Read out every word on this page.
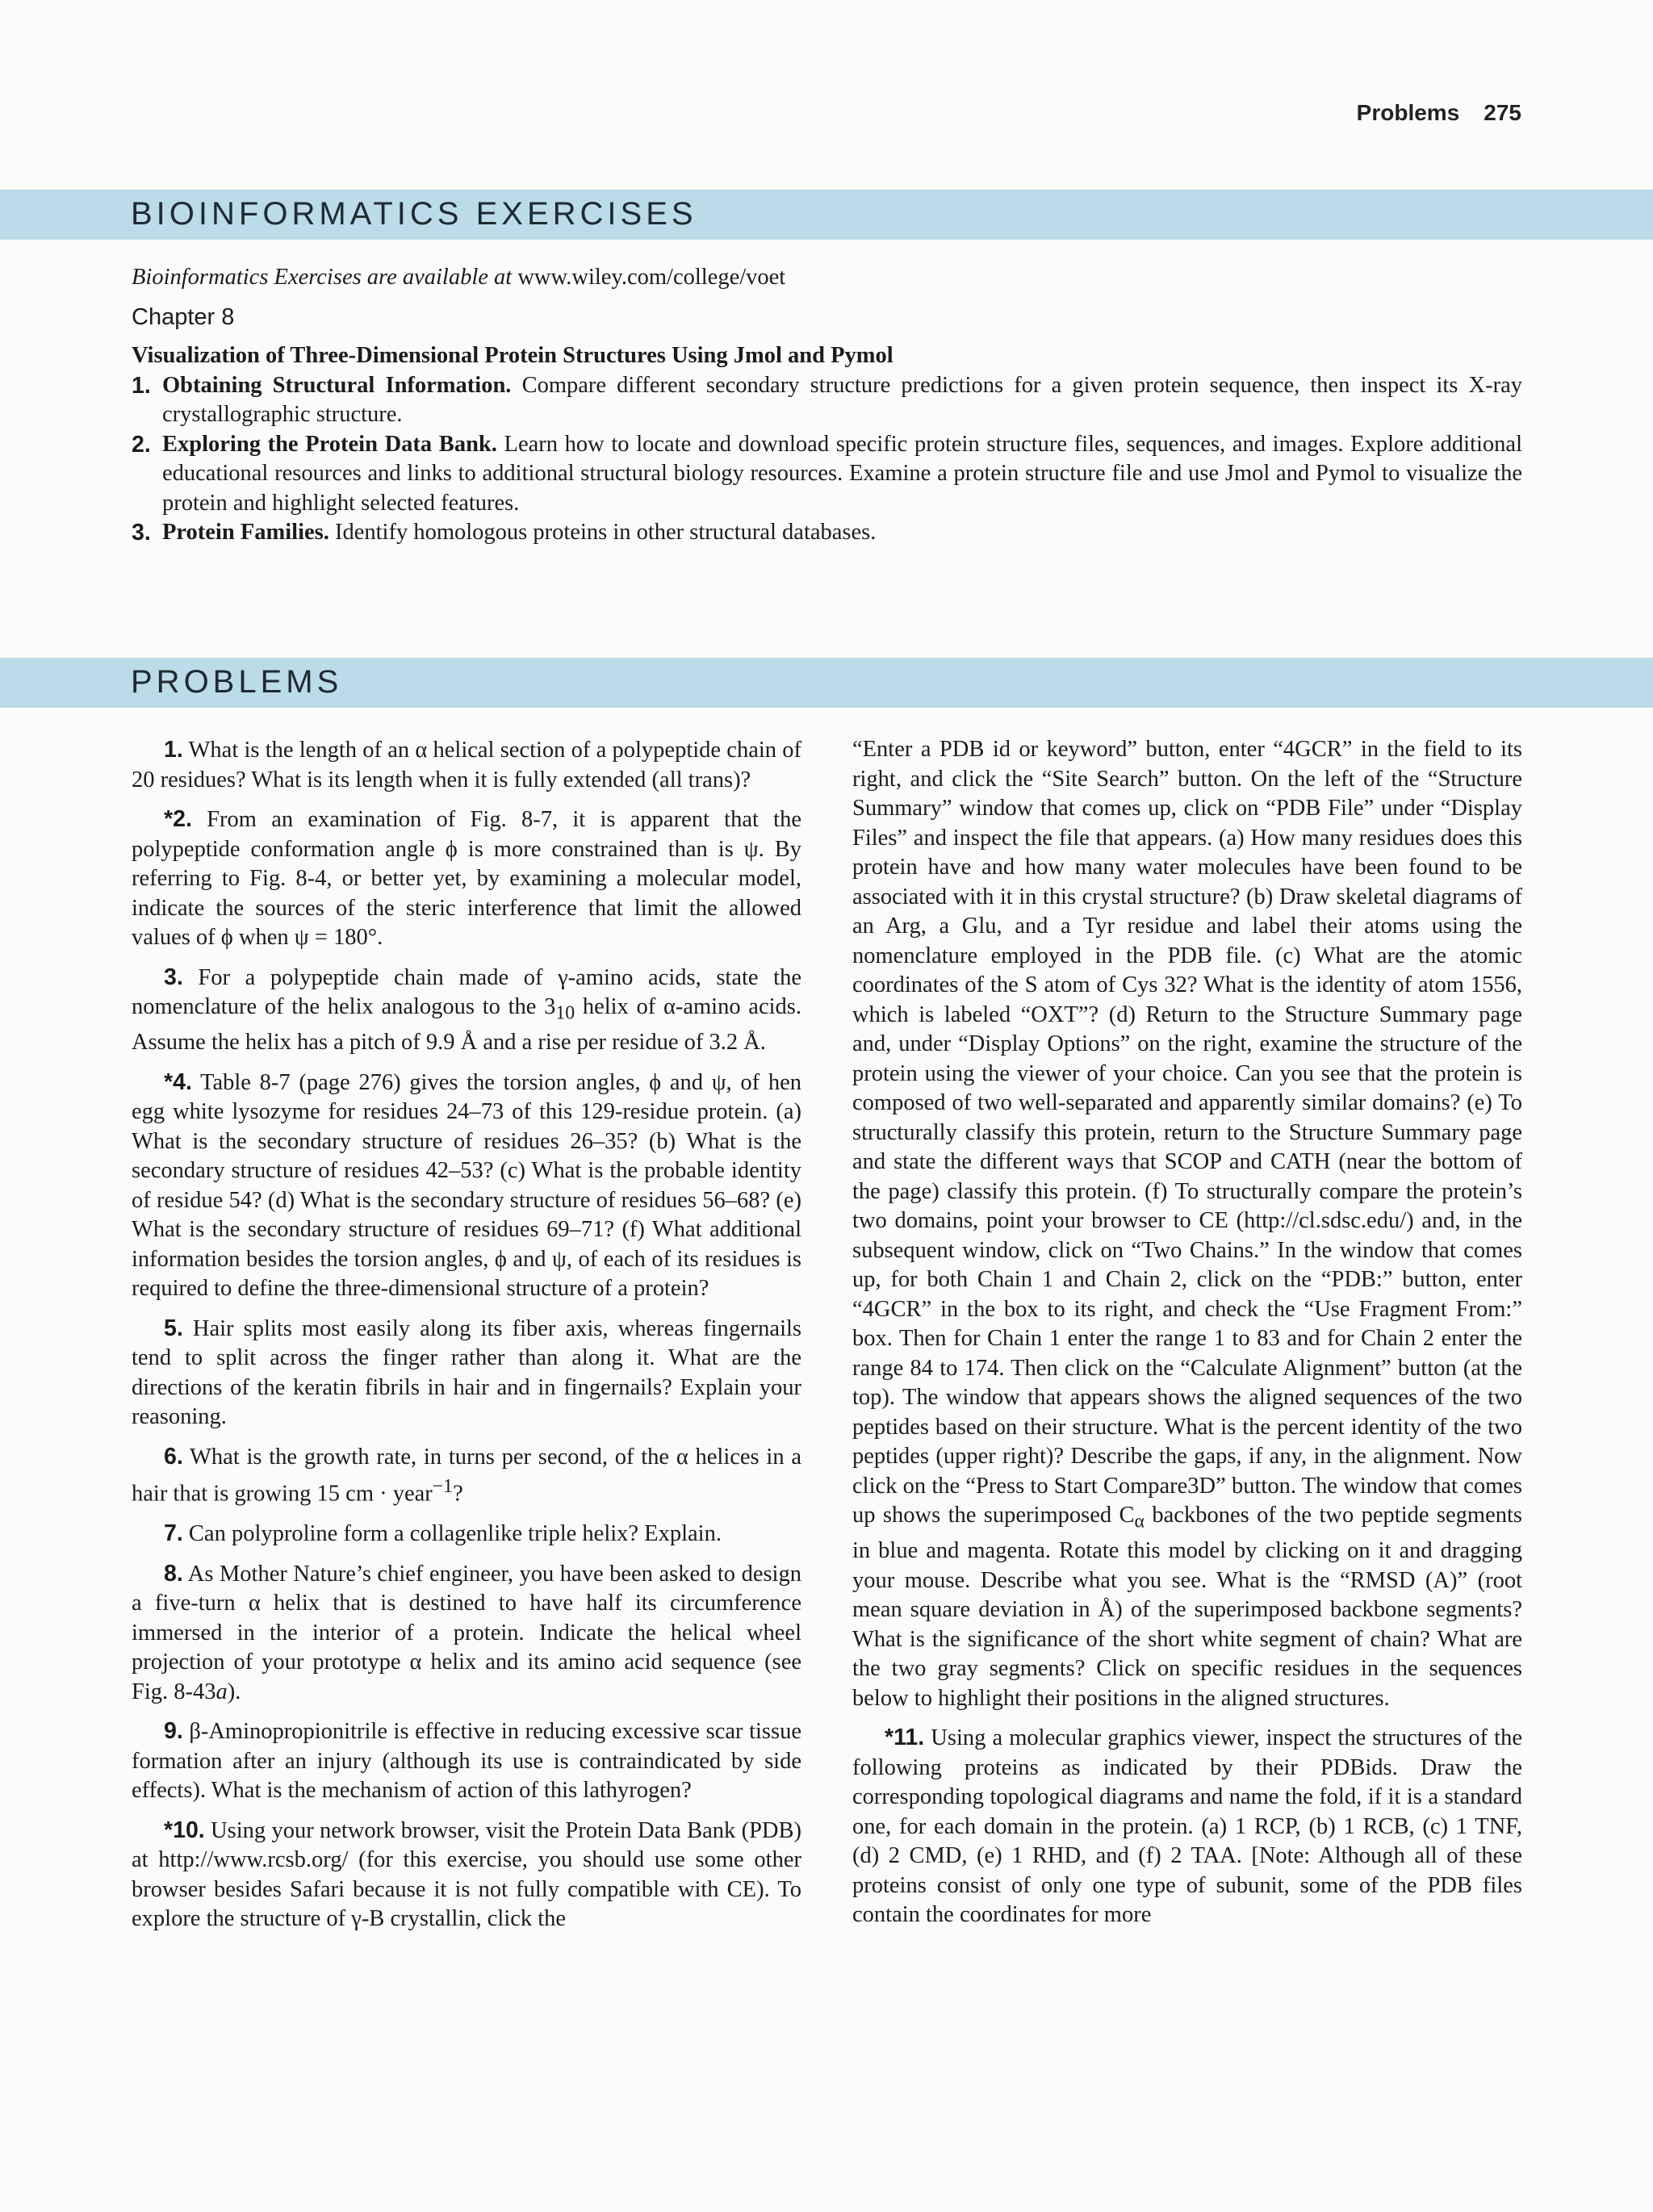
Problems 275
BIOINFORMATICS EXERCISES

Bioinformatics Exercises are available at www.wiley.com/college/voet

Chapter 8

Visualization of Three-Dimensional Protein Structures Using Jmol and Pymol

1. Obtaining Structural Information. Compare different secondary structure predictions for a given protein sequence, then inspect its X-ray crystallographic structure.
2. Exploring the Protein Data Bank. Learn how to locate and download specific protein structure files, sequences, and images. Explore additional educational resources and links to additional structural biology resources. Examine a protein structure file and use Jmol and Pymol to visualize the protein and highlight selected features.
3. Protein Families. Identify homologous proteins in other structural databases.
PROBLEMS

1. What is the length of an α helical section of a polypeptide chain of 20 residues? What is its length when it is fully extended (all trans)?

*2. From an examination of Fig. 8-7, it is apparent that the polypeptide conformation angle ϕ is more constrained than is ψ. By referring to Fig. 8-4, or better yet, by examining a molecular model, indicate the sources of the steric interference that limit the allowed values of ϕ when ψ = 180°.

3. For a polypeptide chain made of γ-amino acids, state the nomenclature of the helix analogous to the $3_{10}$ helix of α-amino acids. Assume the helix has a pitch of 9.9 Å and a rise per residue of 3.2 Å.

*4. Table 8-7 (page 276) gives the torsion angles, ϕ and ψ, of hen egg white lysozyme for residues 24–73 of this 129-residue protein. (a) What is the secondary structure of residues 26–35? (b) What is the secondary structure of residues 42–53? (c) What is the probable identity of residue 54? (d) What is the secondary structure of residues 56–68? (e) What is the secondary structure of residues 69–71? (f) What additional information besides the torsion angles, ϕ and ψ, of each of its residues is required to define the three-dimensional structure of a protein?

5. Hair splits most easily along its fiber axis, whereas fingernails tend to split across the finger rather than along it. What are the directions of the keratin fibrils in hair and in fingernails? Explain your reasoning.

6. What is the growth rate, in turns per second, of the α helices in a hair that is growing 15 cm · year$^{-1}$?

7. Can polyproline form a collagenlike triple helix? Explain.

8. As Mother Nature’s chief engineer, you have been asked to design a five-turn α helix that is destined to have half its circumference immersed in the interior of a protein. Indicate the helical wheel projection of your prototype α helix and its amino acid sequence (see Fig. 8-43a).

9. β-Aminopropionitrile is effective in reducing excessive scar tissue formation after an injury (although its use is contraindicated by side effects). What is the mechanism of action of this lathyrogen?

*10. Using your network browser, visit the Protein Data Bank (PDB) at http://www.rcsb.org/ (for this exercise, you should use some other browser besides Safari because it is not fully compatible with CE). To explore the structure of γ-B crystallin, click the

“Enter a PDB id or keyword” button, enter “4GCR” in the field to its right, and click the “Site Search” button. On the left of the “Structure Summary” window that comes up, click on “PDB File” under “Display Files” and inspect the file that appears. (a) How many residues does this protein have and how many water molecules have been found to be associated with it in this crystal structure? (b) Draw skeletal diagrams of an Arg, a Glu, and a Tyr residue and label their atoms using the nomenclature employed in the PDB file. (c) What are the atomic coordinates of the S atom of Cys 32? What is the identity of atom 1556, which is labeled “OXT”? (d) Return to the Structure Summary page and, under “Display Options” on the right, examine the structure of the protein using the viewer of your choice. Can you see that the protein is composed of two well-separated and apparently similar domains? (e) To structurally classify this protein, return to the Structure Summary page and state the different ways that SCOP and CATH (near the bottom of the page) classify this protein. (f) To structurally compare the protein’s two domains, point your browser to CE (http://cl.sdsc.edu/) and, in the subsequent window, click on “Two Chains.” In the window that comes up, for both Chain 1 and Chain 2, click on the “PDB:” button, enter “4GCR” in the box to its right, and check the “Use Fragment From:” box. Then for Chain 1 enter the range 1 to 83 and for Chain 2 enter the range 84 to 174. Then click on the “Calculate Alignment” button (at the top). The window that appears shows the aligned sequences of the two peptides based on their structure. What is the percent identity of the two peptides (upper right)? Describe the gaps, if any, in the alignment. Now click on the “Press to Start Compare3D” button. The window that comes up shows the superimposed $C_\alpha$ backbones of the two peptide segments in blue and magenta. Rotate this model by clicking on it and dragging your mouse. Describe what you see. What is the “RMSD (A)” (root mean square deviation in Å) of the superimposed backbone segments? What is the significance of the short white segment of chain? What are the two gray segments? Click on specific residues in the sequences below to highlight their positions in the aligned structures.

*11. Using a molecular graphics viewer, inspect the structures of the following proteins as indicated by their PDBids. Draw the corresponding topological diagrams and name the fold, if it is a standard one, for each domain in the protein. (a) 1 RCP, (b) 1 RCB, (c) 1 TNF, (d) 2 CMD, (e) 1 RHD, and (f) 2 TAA. [Note: Although all of these proteins consist of only one type of subunit, some of the PDB files contain the coordinates for more
